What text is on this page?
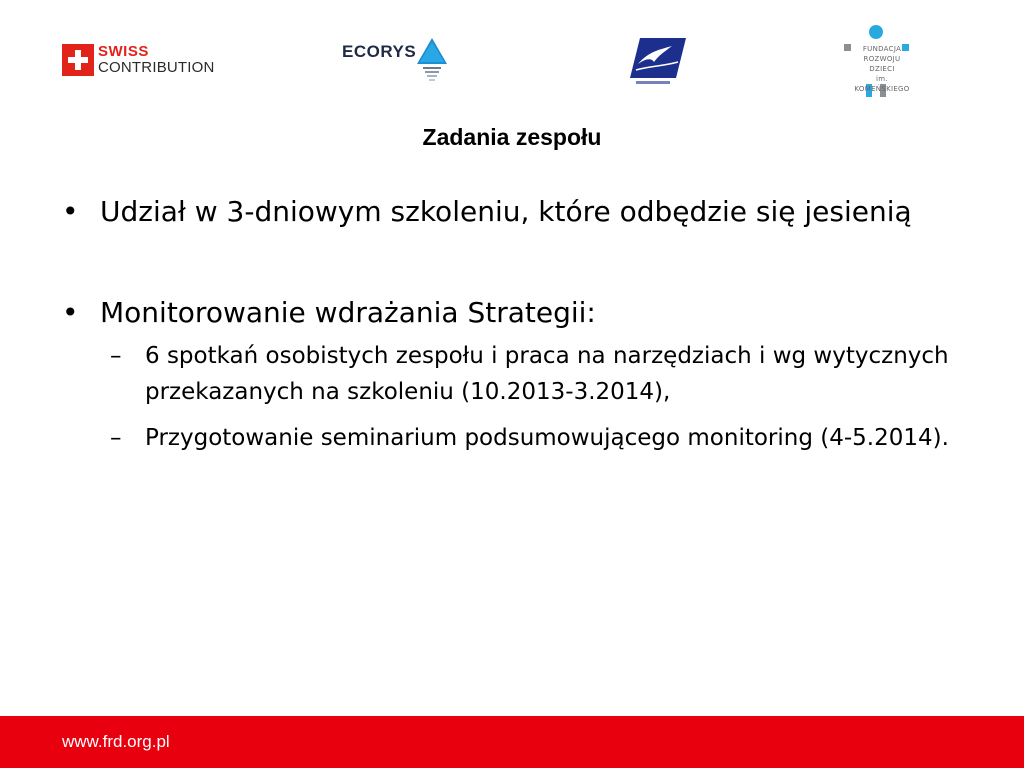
SWISS
CONTRIBUTION
ECORYS	FUNDACJA
ROZWOJU DZIECI
im. KOMEŃSKIEGO
Zadania zespołu
• Udział w 3-dniowym szkoleniu, które odbędzie się jesienią
• Monitorowanie wdrażania Strategii:
– 6 spotkań osobistych zespołu i praca na narzędziach i wg wytycznych przekazanych na szkoleniu (10.2013-3.2014),
– Przygotowanie seminarium podsumowującego monitoring (4-5.2014).
www.frd.org.pl
